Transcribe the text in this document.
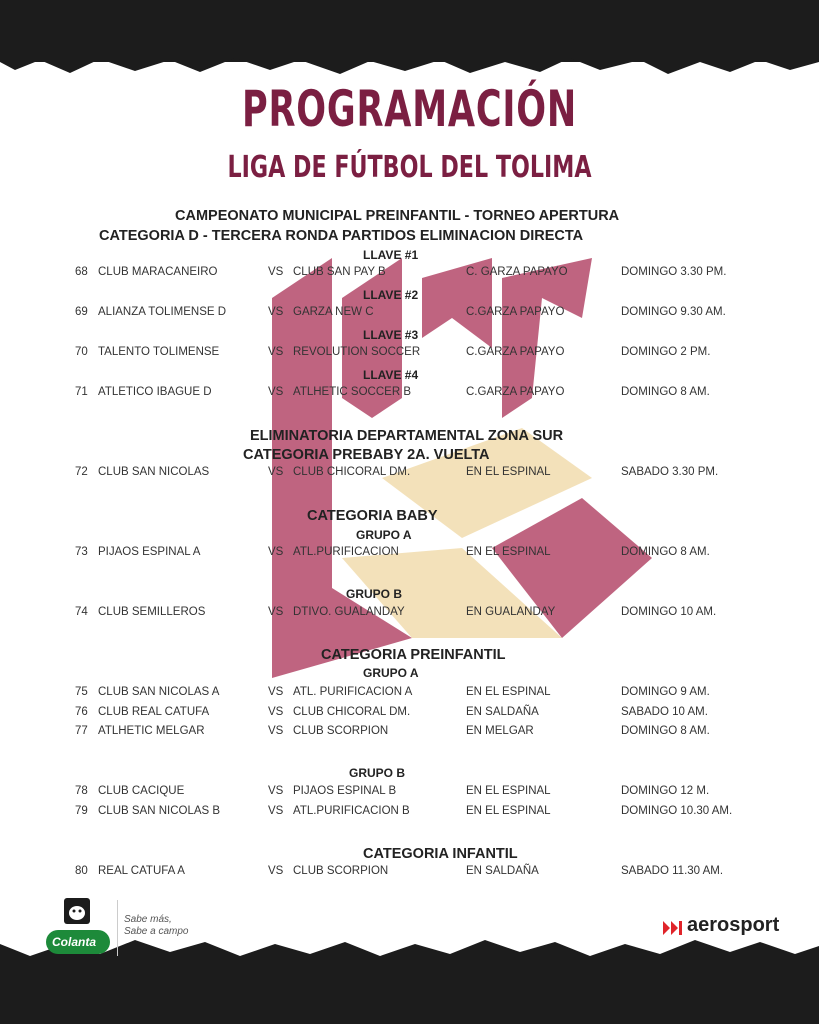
PROGRAMACIÓN
LIGA DE FÚTBOL DEL TOLIMA
CAMPEONATO MUNICIPAL PREINFANTIL - TORNEO APERTURA
CATEGORIA D - TERCERA RONDA PARTIDOS ELIMINACION DIRECTA
LLAVE #1
68 CLUB MARACANEIRO	VS CLUB SAN PAY B	C. GARZA PAPAYO	DOMINGO 3.30 PM.
LLAVE #2
69 ALIANZA TOLIMENSE D	VS GARZA NEW C	C.GARZA PAPAYO	DOMINGO 9.30 AM.
LLAVE #3
70 TALENTO TOLIMENSE	VS REVOLUTION SOCCER	C.GARZA PAPAYO	DOMINGO 2 PM.
LLAVE #4
71 ATLETICO IBAGUE D	VS ATLHETIC SOCCER B	C.GARZA PAPAYO	DOMINGO 8 AM.
ELIMINATORIA DEPARTAMENTAL ZONA SUR
CATEGORIA PREBABY 2A. VUELTA
72 CLUB SAN NICOLAS	VS CLUB CHICORAL DM.	EN EL ESPINAL	SABADO 3.30 PM.
CATEGORIA BABY
GRUPO A
73 PIJAOS ESPINAL A	VS ATL.PURIFICACION	EN EL ESPINAL	DOMINGO 8 AM.
GRUPO B
74 CLUB SEMILLEROS	VS DTIVO. GUALANDAY	EN GUALANDAY	DOMINGO 10 AM.
CATEGORIA PREINFANTIL
GRUPO A
75 CLUB SAN NICOLAS A	VS ATL. PURIFICACION A	EN EL ESPINAL	DOMINGO 9 AM.
76 CLUB REAL CATUFA	VS CLUB CHICORAL DM.	EN SALDAÑA	SABADO 10 AM.
77 ATLHETIC MELGAR	VS CLUB SCORPION	EN MELGAR	DOMINGO 8 AM.
GRUPO B
78 CLUB CACIQUE	VS PIJAOS ESPINAL B	EN EL ESPINAL	DOMINGO 12 M.
79 CLUB SAN NICOLAS B	VS ATL.PURIFICACION B	EN EL ESPINAL	DOMINGO 10.30 AM.
CATEGORIA INFANTIL
80 REAL CATUFA A	VS CLUB SCORPION	EN SALDAÑA	SABADO 11.30 AM.
Colanta
Sabe más,
Sabe a campo	aerosport
